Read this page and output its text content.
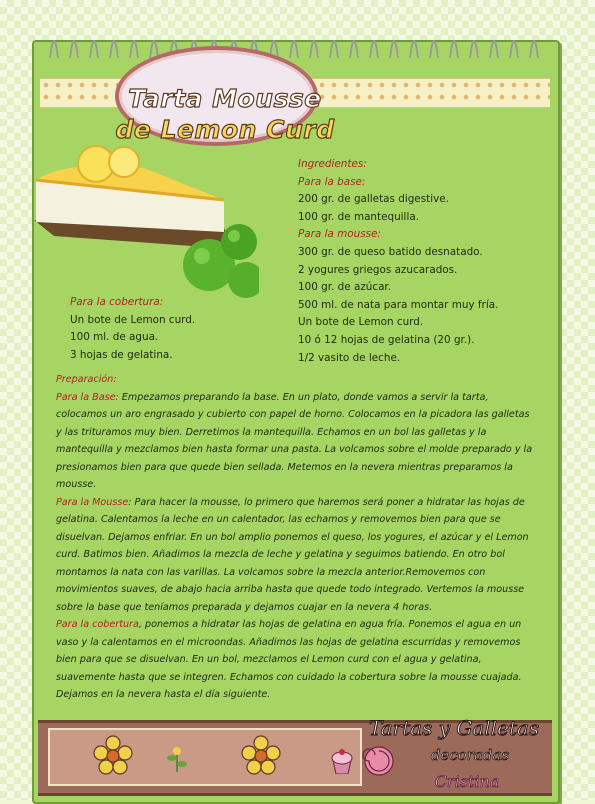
Tarta Mousse
de Lemon Curd
Ingredientes:
Para la base:
200 gr. de galletas digestive.
100 gr. de mantequilla.
Para la mousse:
300 gr. de queso batido desnatado.
2 yogures griegos azucarados.
100 gr. de azúcar.
500 ml. de nata para montar muy fría.
Un bote de Lemon curd.
10 ó 12 hojas de gelatina (20 gr.).
1/2 vasito de leche.
Para la cobertura:
Un bote de Lemon curd.
100 ml. de agua.
3 hojas de gelatina.

Preparación:

Para la Base: Empezamos preparando la base. En un plato, donde vamos a servir la tarta, colocamos un aro engrasado y cubierto con papel de horno. Colocamos en la picadora las galletas y las trituramos muy bien. Derretimos la mantequilla. Echamos en un bol las galletas y la mantequilla y mezclamos bien hasta formar una pasta. La volcamos sobre el molde preparado y la presionamos bien para que quede bien sellada. Metemos en la nevera mientras preparamos la mousse.

Para la Mousse: Para hacer la mousse, lo primero que haremos será poner a hidratar las hojas de gelatina. Calentamos la leche en un calentador, las echamos y removemos bien para que se disuelvan. Dejamos enfriar. En un bol amplio ponemos el queso, los yogures, el azúcar y el Lemon curd. Batimos bien. Añadimos la mezcla de leche y gelatina y seguimos batiendo. En otro bol montamos la nata con las varillas. La volcamos sobre la mezcla anterior.Removemos con movimientos suaves, de abajo hacia arriba hasta que quede todo integrado. Vertemos la mousse sobre la base que teníamos preparada y dejamos cuajar en la nevera 4 horas.

Para la cobertura, ponemos a hidratar las hojas de gelatina en agua fría. Ponemos el agua en un vaso y la calentamos en el microondas. Añadimos las hojas de gelatina escurridas y removemos bien para que se disuelvan. En un bol, mezclamos el Lemon curd con el agua y gelatina, suavemente hasta que se integren. Echamos con cuidado la cobertura sobre la mousse cuajada. Dejamos en la nevera hasta el día siguiente.

Tartas y Galletas
decoradas
Cristina
